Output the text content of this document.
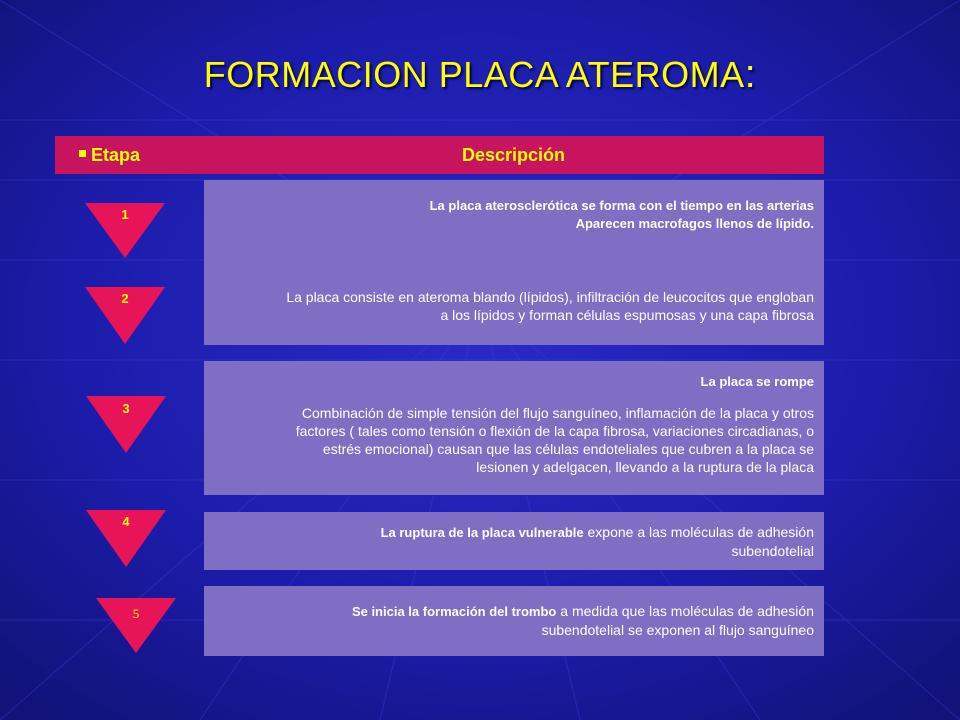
FORMACION PLACA ATEROMA:
Etapa	Descripción
1
2
3
4
5
La placa aterosclerótica se forma con el tiempo en las arterias
Aparecen macrofagos llenos de lípido.
La placa consiste en ateroma blando (lípidos), infiltración de leucocitos que engloban
a los lípidos y forman células espumosas y una capa fibrosa
La placa se rompe
Combinación de simple tensión del flujo sanguíneo, inflamación de la placa y otros
factores ( tales como tensión o flexión de la capa fibrosa, variaciones circadianas, o
estrés emocional) causan que las células endoteliales que cubren a la placa se
lesionen y adelgacen, llevando a la ruptura de la placa
La ruptura de la placa vulnerable expone a las moléculas de adhesión
subendotelial
Se inicia la formación del trombo a medida que las moléculas de adhesión
subendotelial se exponen al flujo sanguíneo
